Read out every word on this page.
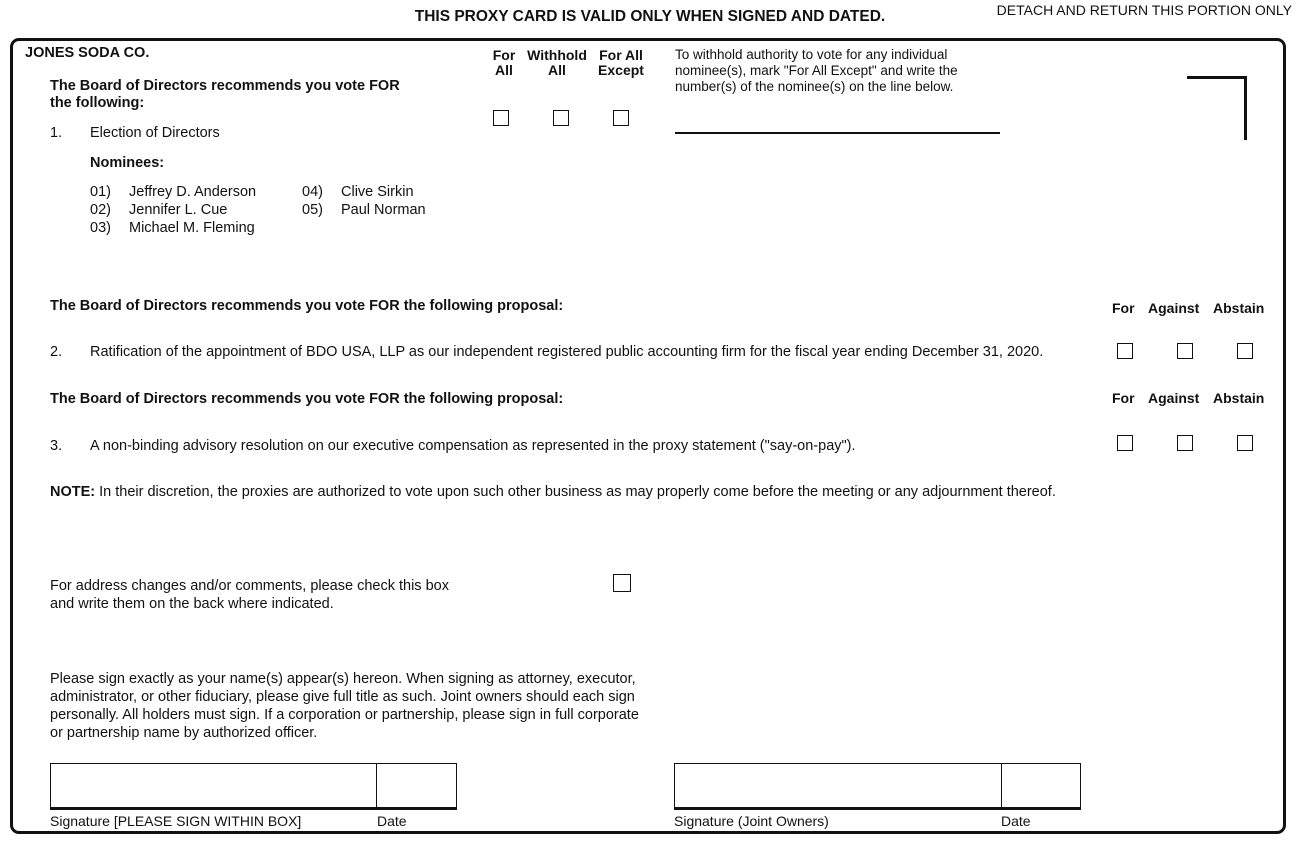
THIS PROXY CARD IS VALID ONLY WHEN SIGNED AND DATED.	DETACH AND RETURN THIS PORTION ONLY
JONES SODA CO.
The Board of Directors recommends you vote FOR
the following:
1. Election of Directors
Nominees:
01) Jeffrey D. Anderson
02) Jennifer L. Cue
03) Michael M. Fleming
04) Clive Sirkin
05) Paul Norman
For
All
Withhold
All
For All
Except
To withhold authority to vote for any individual
nominee(s), mark "For All Except" and write the
number(s) of the nominee(s) on the line below.
The Board of Directors recommends you vote FOR the following proposal:	For Against Abstain
2. Ratification of the appointment of BDO USA, LLP as our independent registered public accounting firm for the fiscal year ending December 31, 2020.
The Board of Directors recommends you vote FOR the following proposal:	For Against Abstain
3. A non-binding advisory resolution on our executive compensation as represented in the proxy statement ("say-on-pay").
NOTE: In their discretion, the proxies are authorized to vote upon such other business as may properly come before the meeting or any adjournment thereof.
For address changes and/or comments, please check this box
and write them on the back where indicated.
Please sign exactly as your name(s) appear(s) hereon. When signing as attorney, executor,
administrator, or other fiduciary, please give full title as such. Joint owners should each sign
personally. All holders must sign. If a corporation or partnership, please sign in full corporate
or partnership name by authorized officer.
Signature [PLEASE SIGN WITHIN BOX]	Date	Signature (Joint Owners)	Date
